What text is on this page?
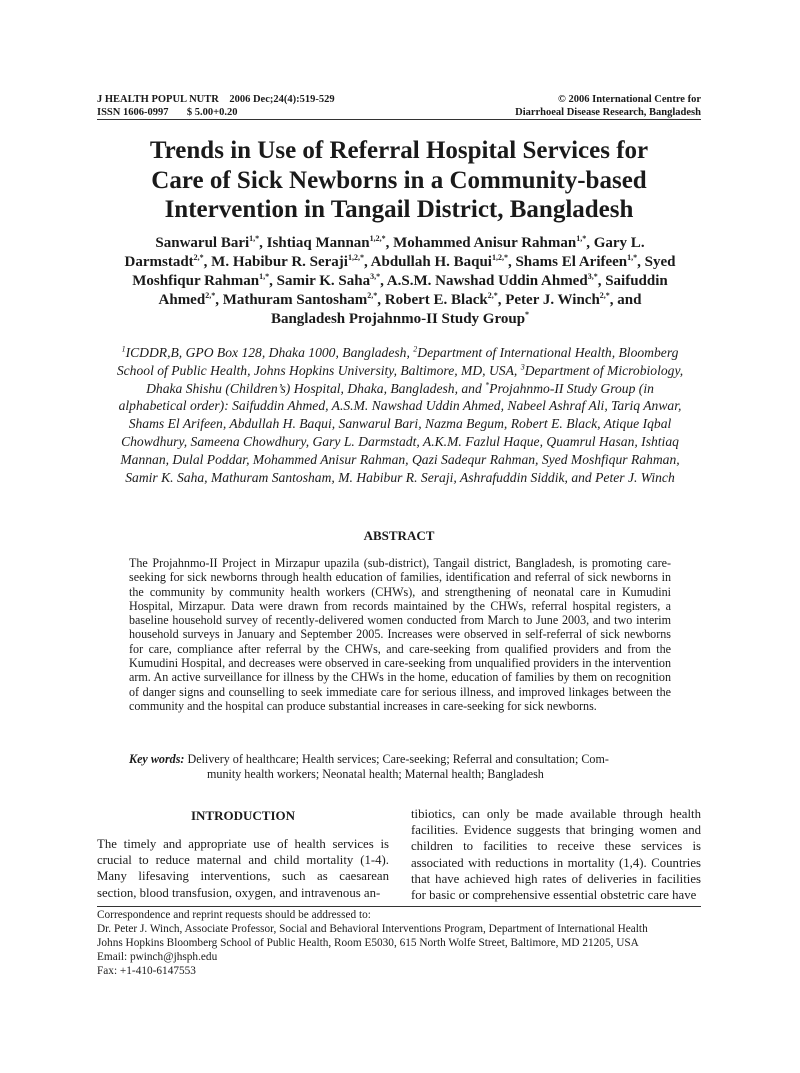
J HEALTH POPUL NUTR    2006 Dec;24(4):519-529
ISSN 1606-0997       $ 5.00+0.20
© 2006 International Centre for
Diarrhoeal Disease Research, Bangladesh
Trends in Use of Referral Hospital Services for
Care of Sick Newborns in a Community-based
Intervention in Tangail District, Bangladesh
Sanwarul Bari$^{1,*}$, Ishtiaq Mannan$^{1,2,*}$, Mohammed Anisur Rahman$^{1,*}$, Gary L. Darmstadt$^{2,*}$, M. Habibur R. Seraji$^{1,2,*}$, Abdullah H. Baqui$^{1,2,*}$, Shams El Arifeen$^{1,*}$, Syed Moshfiqur Rahman$^{1,*}$, Samir K. Saha$^{3,*}$, A.S.M. Nawshad Uddin Ahmed$^{3,*}$, Saifuddin Ahmed$^{2,*}$, Mathuram Santosham$^{2,*}$, Robert E. Black$^{2,*}$, Peter J. Winch$^{2,*}$, and Bangladesh Projahnmo-II Study Group*
$^1$ICDDR,B, GPO Box 128, Dhaka 1000, Bangladesh, $^2$Department of International Health, Bloomberg School of Public Health, Johns Hopkins University, Baltimore, MD, USA, $^3$Department of Microbiology, Dhaka Shishu (Children’s) Hospital, Dhaka, Bangladesh, and *Projahnmo-II Study Group (in alphabetical order): Saifuddin Ahmed, A.S.M. Nawshad Uddin Ahmed, Nabeel Ashraf Ali, Tariq Anwar, Shams El Arifeen, Abdullah H. Baqui, Sanwarul Bari, Nazma Begum, Robert E. Black, Atique Iqbal Chowdhury, Sameena Chowdhury, Gary L. Darmstadt, A.K.M. Fazlul Haque, Quamrul Hasan, Ishtiaq Mannan, Dulal Poddar, Mohammed Anisur Rahman, Qazi Sadequr Rahman, Syed Moshfiqur Rahman, Samir K. Saha, Mathuram Santosham, M. Habibur R. Seraji, Ashrafuddin Siddik, and Peter J. Winch
ABSTRACT
The Projahnmo-II Project in Mirzapur upazila (sub-district), Tangail district, Bangladesh, is promoting care-seeking for sick newborns through health education of families, identification and referral of sick newborns in the community by community health workers (CHWs), and strengthening of neonatal care in Kumudini Hospital, Mirzapur. Data were drawn from records maintained by the CHWs, referral hospital registers, a baseline household survey of recently-delivered women conducted from March to June 2003, and two interim household surveys in January and September 2005. Increases were observed in self-referral of sick newborns for care, compliance after referral by the CHWs, and care-seeking from qualified providers and from the Kumudini Hospital, and decreases were observed in care-seeking from unqualified providers in the intervention arm. An active surveillance for illness by the CHWs in the home, education of families by them on recognition of danger signs and counselling to seek immediate care for serious illness, and improved linkages between the community and the hospital can produce substantial increases in care-seeking for sick newborns.
Key words: Delivery of healthcare; Health services; Care-seeking; Referral and consultation; Com-
munity health workers; Neonatal health; Maternal health; Bangladesh
INTRODUCTION
The timely and appropriate use of health services is crucial to reduce maternal and child mortality (1-4). Many lifesaving interventions, such as caesarean section, blood transfusion, oxygen, and intravenous an-
tibiotics, can only be made available through health facilities. Evidence suggests that bringing women and children to facilities to receive these services is associated with reductions in mortality (1,4). Countries that have achieved high rates of deliveries in facilities for basic or comprehensive essential obstetric care have
Correspondence and reprint requests should be addressed to:
Dr. Peter J. Winch, Associate Professor, Social and Behavioral Interventions Program, Department of International Health
Johns Hopkins Bloomberg School of Public Health, Room E5030, 615 North Wolfe Street, Baltimore, MD 21205, USA
Email: pwinch@jhsph.edu
Fax: +1-410-6147553
